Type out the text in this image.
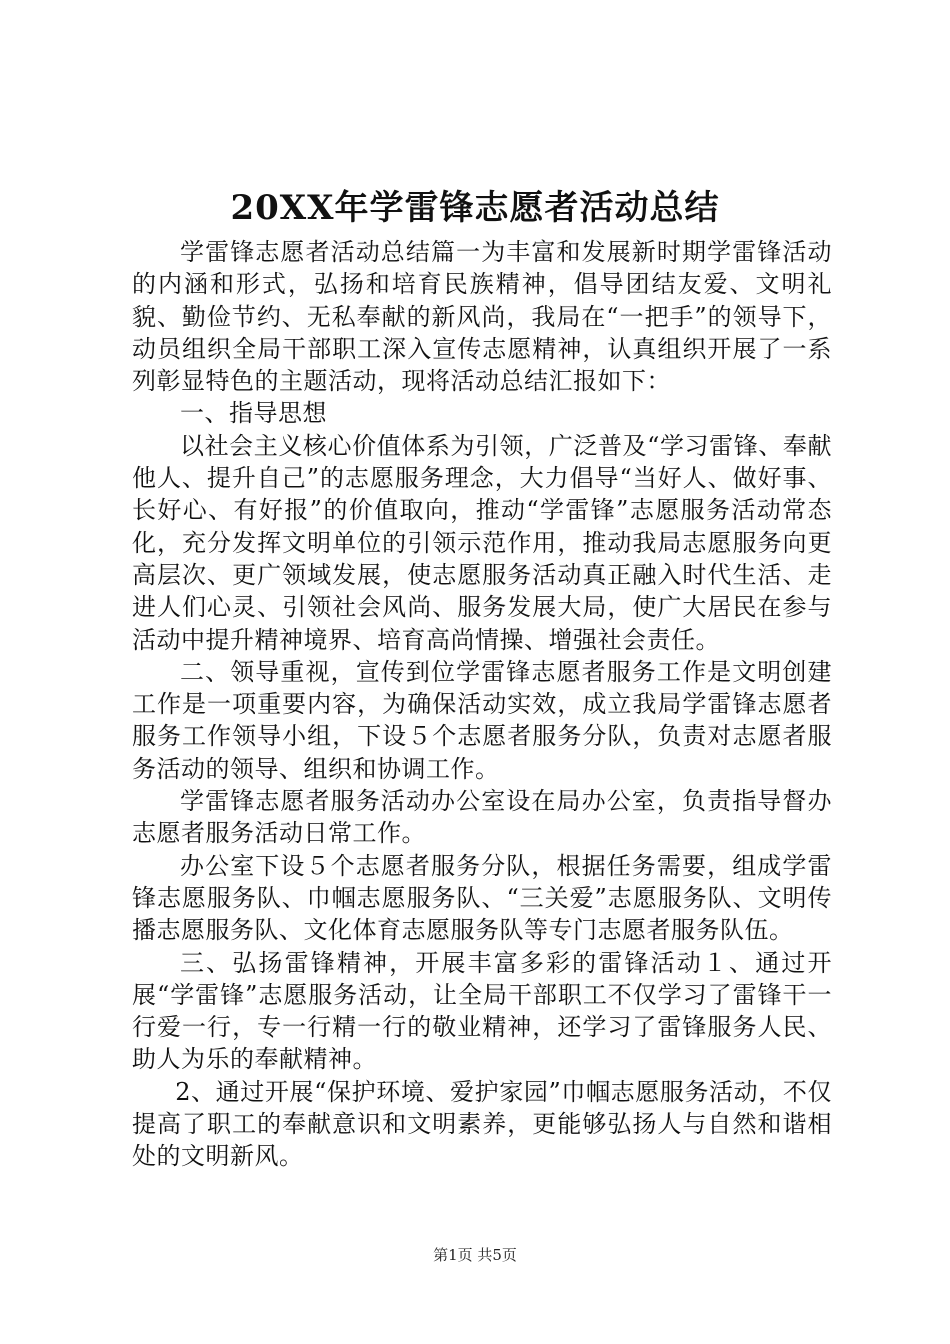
20XX年学雷锋志愿者活动总结

学雷锋志愿者活动总结篇一为丰富和发展新时期学雷锋活动的内涵和形式，弘扬和培育民族精神，倡导团结友爱、文明礼貌、勤俭节约、无私奉献的新风尚，我局在“一把手”的领导下，动员组织全局干部职工深入宣传志愿精神，认真组织开展了一系列彰显特色的主题活动，现将活动总结汇报如下：

一、指导思想

以社会主义核心价值体系为引领，广泛普及“学习雷锋、奉献他人、提升自己”的志愿服务理念，大力倡导“当好人、做好事、长好心、有好报”的价值取向，推动“学雷锋”志愿服务活动常态化，充分发挥文明单位的引领示范作用，推动我局志愿服务向更高层次、更广领域发展，使志愿服务活动真正融入时代生活、走进人们心灵、引领社会风尚、服务发展大局，使广大居民在参与活动中提升精神境界、培育高尚情操、增强社会责任。

二、领导重视，宣传到位学雷锋志愿者服务工作是文明创建工作是一项重要内容，为确保活动实效，成立我局学雷锋志愿者服务工作领导小组，下设５个志愿者服务分队，负责对志愿者服务活动的领导、组织和协调工作。

学雷锋志愿者服务活动办公室设在局办公室，负责指导督办志愿者服务活动日常工作。

办公室下设５个志愿者服务分队，根据任务需要，组成学雷锋志愿服务队、巾帼志愿服务队、“三关爱”志愿服务队、文明传播志愿服务队、文化体育志愿服务队等专门志愿者服务队伍。

三、弘扬雷锋精神，开展丰富多彩的雷锋活动１、通过开展“学雷锋”志愿服务活动，让全局干部职工不仅学习了雷锋干一行爱一行，专一行精一行的敬业精神，还学习了雷锋服务人民、助人为乐的奉献精神。

2、通过开展“保护环境、爱护家园”巾帼志愿服务活动，不仅提高了职工的奉献意识和文明素养，更能够弘扬人与自然和谐相处的文明新风。

第1页 共5页
